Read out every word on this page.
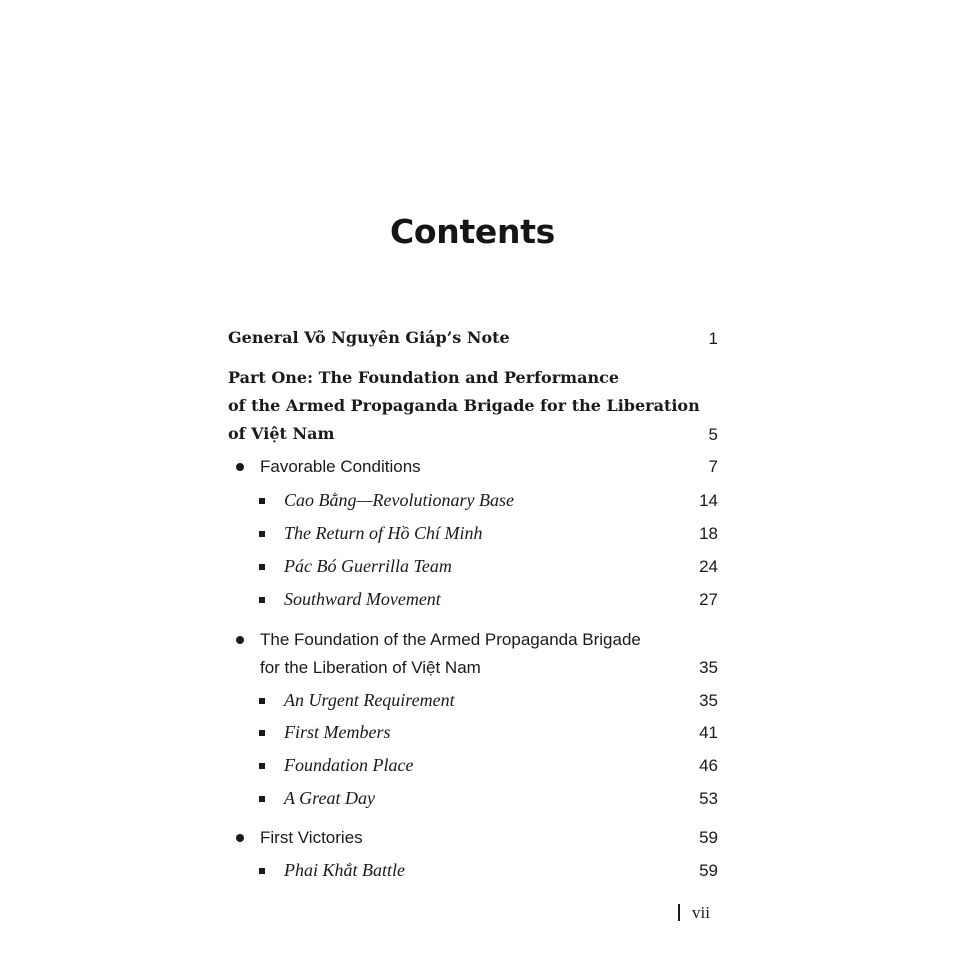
Contents
General Võ Nguyên Giáp’s Note	1
Part One: The Foundation and Performance
of the Armed Propaganda Brigade for the Liberation
of Việt Nam	5
Favorable Conditions	7
Cao Bằng—Revolutionary Base	14
The Return of Hồ Chí Minh	18
Pác Bó Guerrilla Team	24
Southward Movement	27
The Foundation of the Armed Propaganda Brigade
for the Liberation of Việt Nam	35
An Urgent Requirement	35
First Members	41
Foundation Place	46
A Great Day	53
First Victories	59
Phai Khắt Battle	59
vii
